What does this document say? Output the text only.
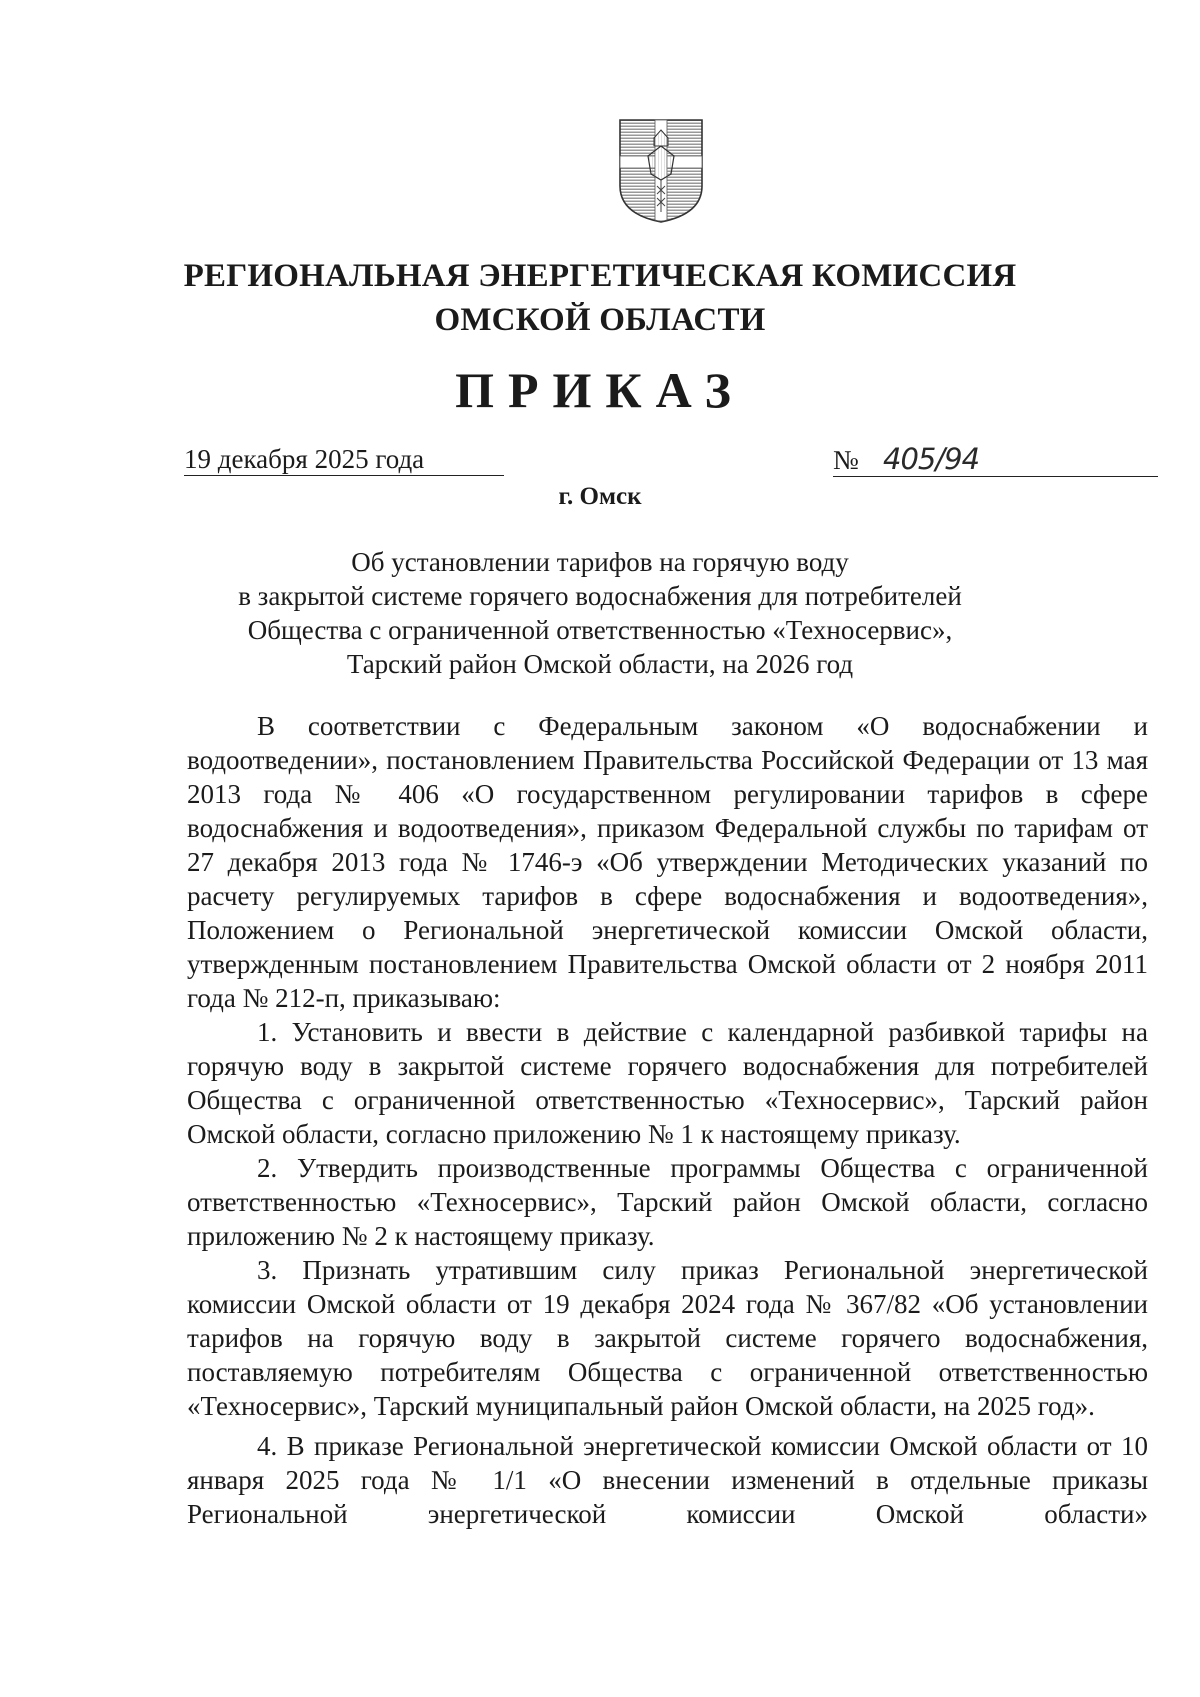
РЕГИОНАЛЬНАЯ ЭНЕРГЕТИЧЕСКАЯ КОМИССИЯ
ОМСКОЙ ОБЛАСТИ
ПРИКАЗ
19 декабря 2025 года	№ 405/94
г. Омск
Об установлении тарифов на горячую воду
в закрытой системе горячего водоснабжения для потребителей
Общества с ограниченной ответственностью «Техносервис»,
Тарский район Омской области, на 2026 год

В соответствии с Федеральным законом «О водоснабжении и водоотведении», постановлением Правительства Российской Федерации от 13 мая 2013 года № 406 «О государственном регулировании тарифов в сфере водоснабжения и водоотведения», приказом Федеральной службы по тарифам от 27 декабря 2013 года № 1746-э «Об утверждении Методических указаний по расчету регулируемых тарифов в сфере водоснабжения и водоотведения», Положением о Региональной энергетической комиссии Омской области, утвержденным постановлением Правительства Омской области от 2 ноября 2011 года № 212-п, приказываю:

1. Установить и ввести в действие с календарной разбивкой тарифы на горячую воду в закрытой системе горячего водоснабжения для потребителей Общества с ограниченной ответственностью «Техносервис», Тарский район Омской области, согласно приложению № 1 к настоящему приказу.

2. Утвердить производственные программы Общества с ограниченной ответственностью «Техносервис», Тарский район Омской области, согласно приложению № 2 к настоящему приказу.

3. Признать утратившим силу приказ Региональной энергетической комиссии Омской области от 19 декабря 2024 года № 367/82 «Об установлении тарифов на горячую воду в закрытой системе горячего водоснабжения, поставляемую потребителям Общества с ограниченной ответственностью «Техносервис», Тарский муниципальный район Омской области, на 2025 год».

4. В приказе Региональной энергетической комиссии Омской области от 10 января 2025 года № 1/1 «О внесении изменений в отдельные приказы Региональной энергетической комиссии Омской области»
